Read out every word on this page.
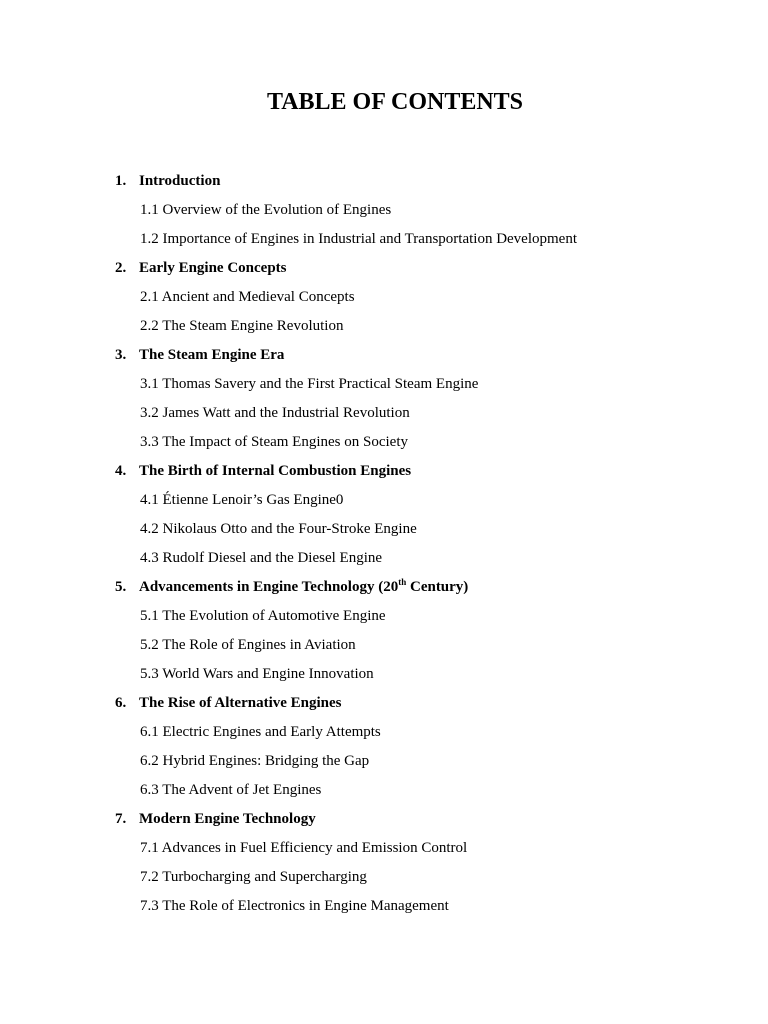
TABLE OF CONTENTS
1. Introduction
1.1 Overview of the Evolution of Engines
1.2 Importance of Engines in Industrial and Transportation Development
2. Early Engine Concepts
2.1 Ancient and Medieval Concepts
2.2 The Steam Engine Revolution
3. The Steam Engine Era
3.1 Thomas Savery and the First Practical Steam Engine
3.2 James Watt and the Industrial Revolution
3.3 The Impact of Steam Engines on Society
4. The Birth of Internal Combustion Engines
4.1 Étienne Lenoir’s Gas Engine0
4.2 Nikolaus Otto and the Four-Stroke Engine
4.3 Rudolf Diesel and the Diesel Engine
5. Advancements in Engine Technology (20th Century)
5.1 The Evolution of Automotive Engine
5.2 The Role of Engines in Aviation
5.3 World Wars and Engine Innovation
6. The Rise of Alternative Engines
6.1 Electric Engines and Early Attempts
6.2 Hybrid Engines: Bridging the Gap
6.3 The Advent of Jet Engines
7. Modern Engine Technology
7.1 Advances in Fuel Efficiency and Emission Control
7.2 Turbocharging and Supercharging
7.3 The Role of Electronics in Engine Management
